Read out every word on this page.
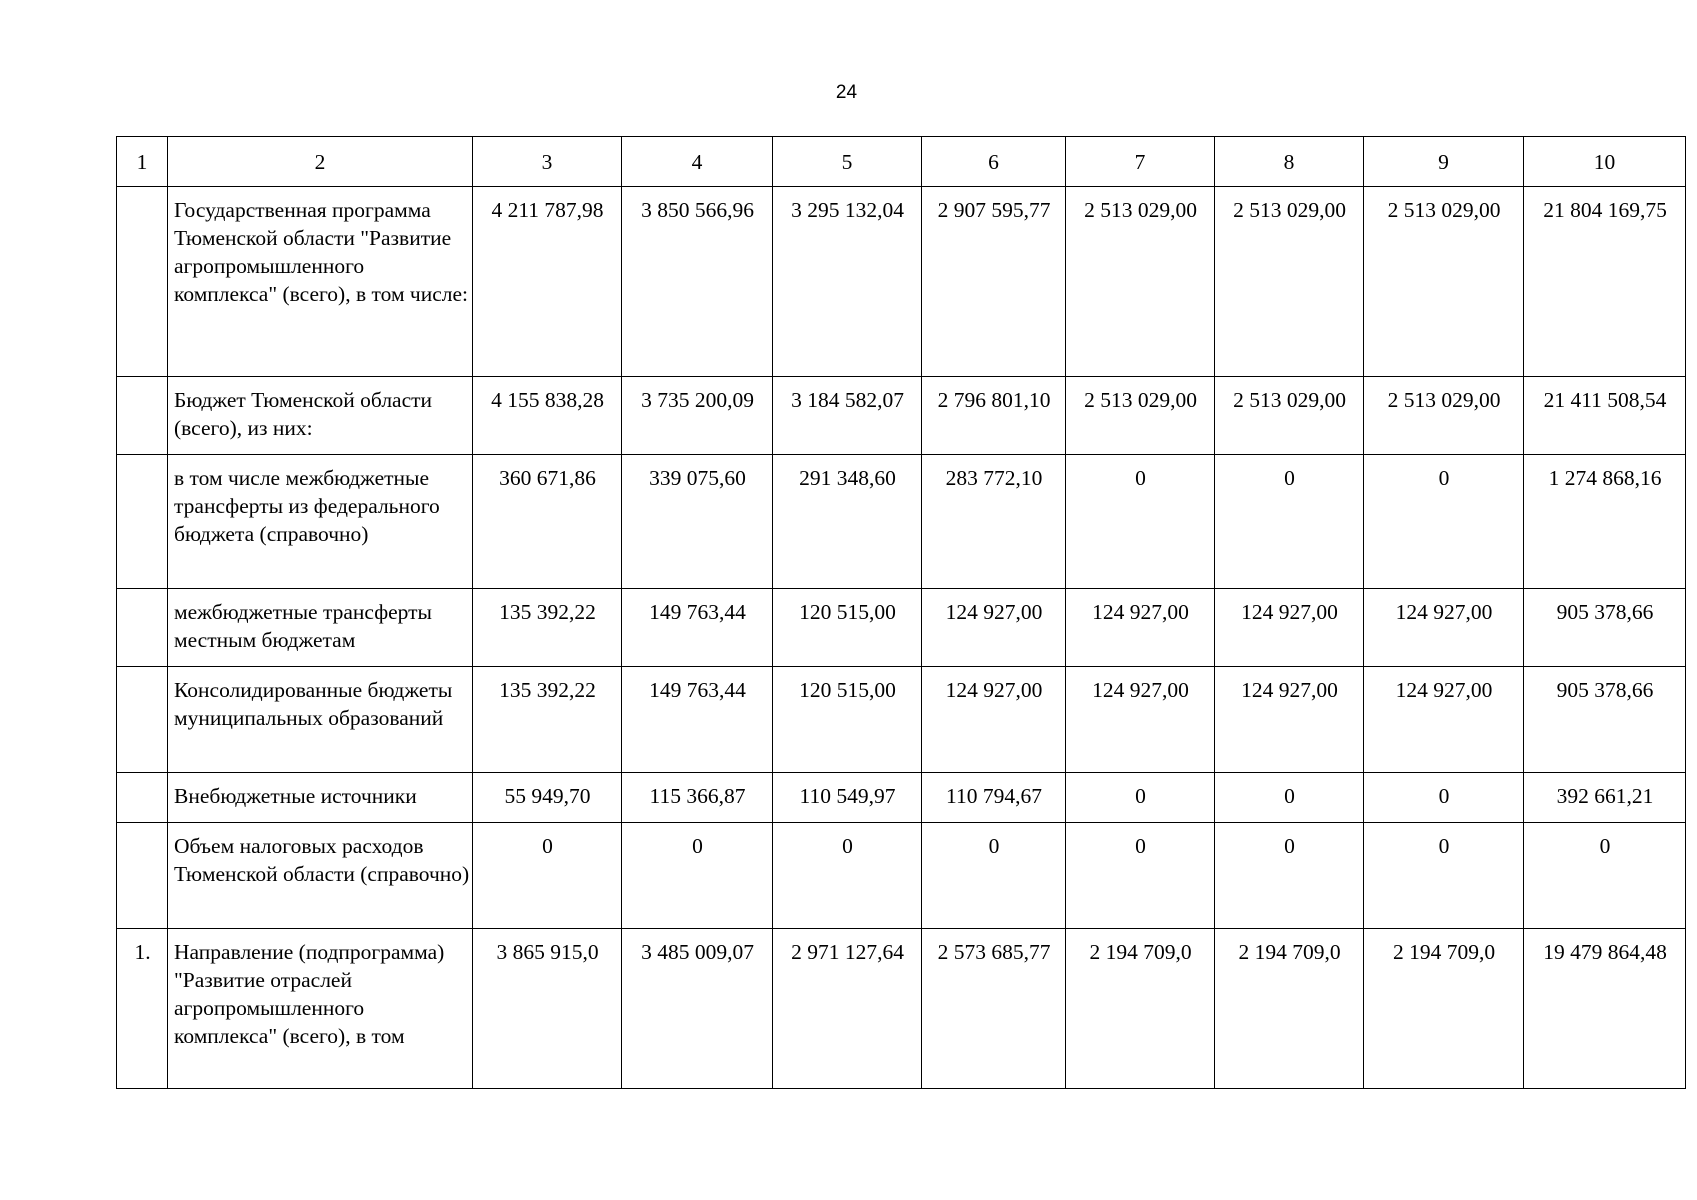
24
1	2	3	4	5	6	7	8	9	10
	Государственная программа Тюменской области "Развитие агропромышленного комплекса" (всего), в том числе:	4 211 787,98	3 850 566,96	3 295 132,04	2 907 595,77	2 513 029,00	2 513 029,00	2 513 029,00	21 804 169,75
	Бюджет Тюменской области (всего), из них:	4 155 838,28	3 735 200,09	3 184 582,07	2 796 801,10	2 513 029,00	2 513 029,00	2 513 029,00	21 411 508,54
	в том числе межбюджетные трансферты из федерального бюджета (справочно)	360 671,86	339 075,60	291 348,60	283 772,10	0	0	0	1 274 868,16
	межбюджетные трансферты местным бюджетам	135 392,22	149 763,44	120 515,00	124 927,00	124 927,00	124 927,00	124 927,00	905 378,66
	Консолидированные бюджеты муниципальных образований	135 392,22	149 763,44	120 515,00	124 927,00	124 927,00	124 927,00	124 927,00	905 378,66
	Внебюджетные источники	55 949,70	115 366,87	110 549,97	110 794,67	0	0	0	392 661,21
	Объем налоговых расходов Тюменской области (справочно)	0	0	0	0	0	0	0	0
1.	Направление (подпрограмма) "Развитие отраслей агропромышленного комплекса" (всего), в том	3 865 915,0	3 485 009,07	2 971 127,64	2 573 685,77	2 194 709,0	2 194 709,0	2 194 709,0	19 479 864,48
